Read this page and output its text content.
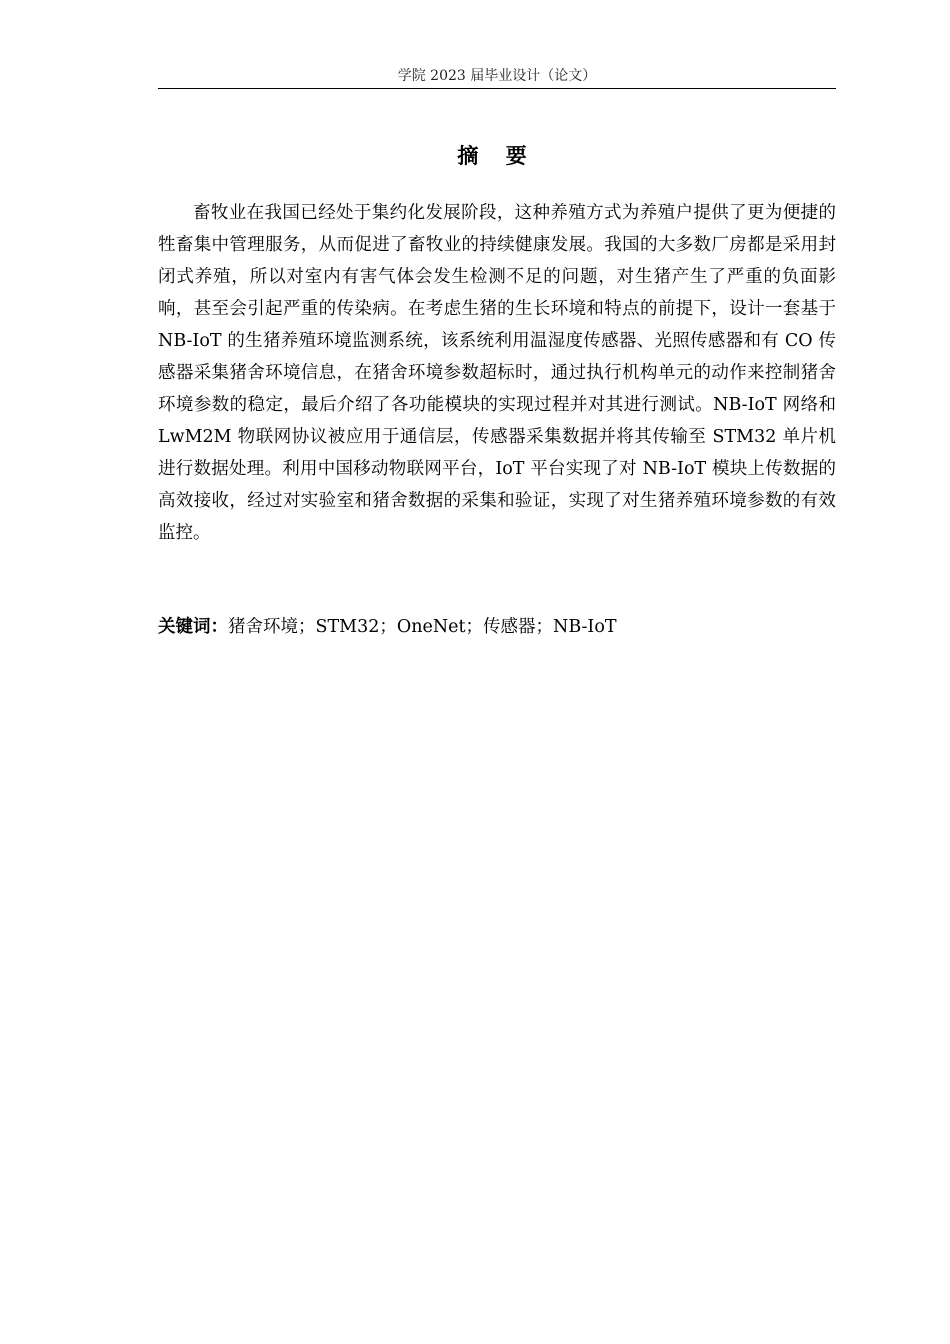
学院 2023 届毕业设计（论文）
摘 要

畜牧业在我国已经处于集约化发展阶段，这种养殖方式为养殖户提供了更为便捷的牲畜集中管理服务，从而促进了畜牧业的持续健康发展。我国的大多数厂房都是采用封闭式养殖，所以对室内有害气体会发生检测不足的问题，对生猪产生了严重的负面影响，甚至会引起严重的传染病。在考虑生猪的生长环境和特点的前提下，设计一套基于 NB-IoT 的生猪养殖环境监测系统，该系统利用温湿度传感器、光照传感器和有 CO 传感器采集猪舍环境信息，在猪舍环境参数超标时，通过执行机构单元的动作来控制猪舍环境参数的稳定，最后介绍了各功能模块的实现过程并对其进行测试。NB-IoT 网络和 LwM2M 物联网协议被应用于通信层，传感器采集数据并将其传输至 STM32 单片机进行数据处理。利用中国移动物联网平台，IoT 平台实现了对 NB-IoT 模块上传数据的高效接收，经过对实验室和猪舍数据的采集和验证，实现了对生猪养殖环境参数的有效监控。

关键词：猪舍环境；STM32；OneNet；传感器；NB-IoT
